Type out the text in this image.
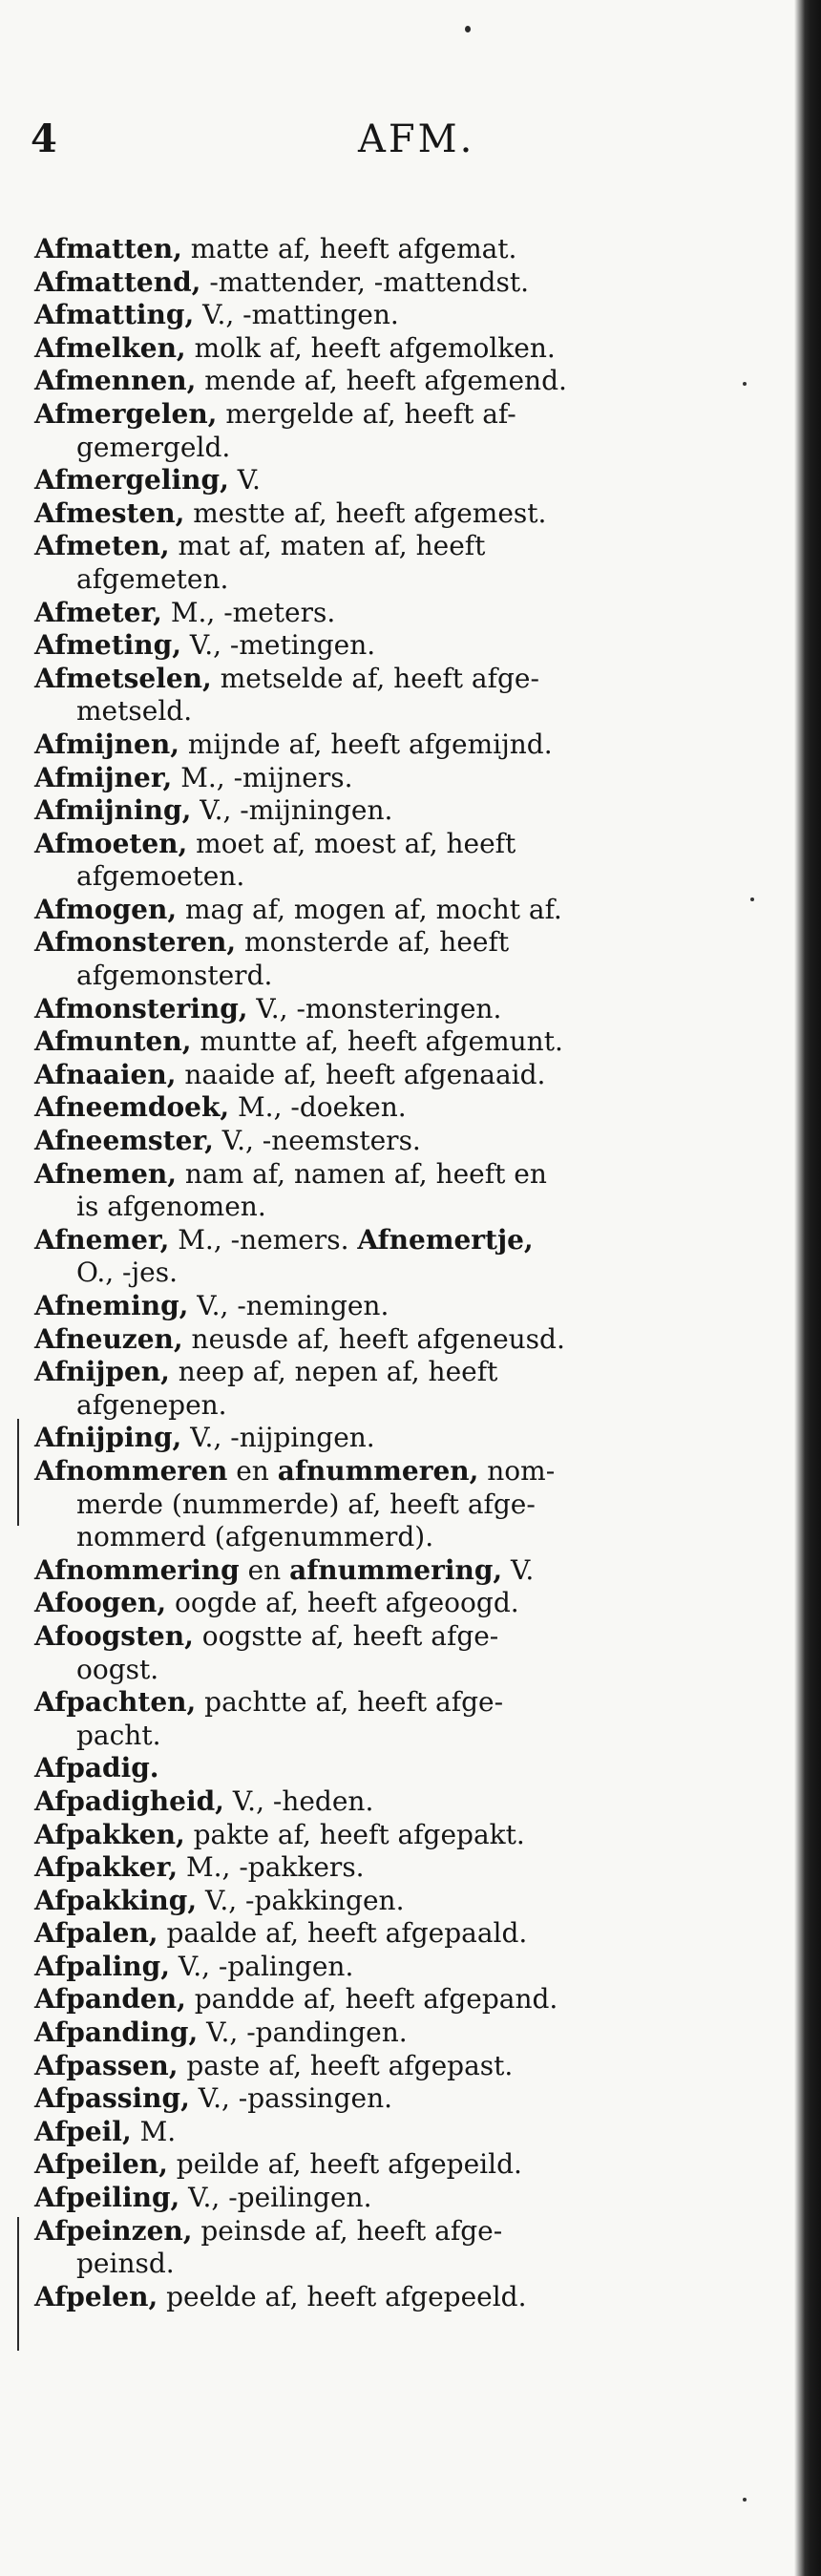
4	AFM.
Afmatten, matte af, heeft afgemat.
Afmattend, -mattender, -mattendst.
Afmatting, V., -mattingen.
Afmelken, molk af, heeft afgemolken.
Afmennen, mende af, heeft afgemend.
Afmergelen, mergelde af, heeft af-
gemergeld.
Afmergeling, V.
Afmesten, mestte af, heeft afgemest.
Afmeten, mat af, maten af, heeft
afgemeten.
Afmeter, M., -meters.
Afmeting, V., -metingen.
Afmetselen, metselde af, heeft afge-
metseld.
Afmijnen, mijnde af, heeft afgemijnd.
Afmijner, M., -mijners.
Afmijning, V., -mijningen.
Afmoeten, moet af, moest af, heeft
afgemoeten.
Afmogen, mag af, mogen af, mocht af.
Afmonsteren, monsterde af, heeft
afgemonsterd.
Afmonstering, V., -monsteringen.
Afmunten, muntte af, heeft afgemunt.
Afnaaien, naaide af, heeft afgenaaid.
Afneemdoek, M., -doeken.
Afneemster, V., -neemsters.
Afnemen, nam af, namen af, heeft en
is afgenomen.
Afnemer, M., -nemers. Afnemertje,
O., -jes.
Afneming, V., -nemingen.
Afneuzen, neusde af, heeft afgeneusd.
Afnijpen, neep af, nepen af, heeft
afgenepen.
Afnijping, V., -nijpingen.
Afnommeren en afnummeren, nom-
merde (nummerde) af, heeft afge-
nommerd (afgenummerd).
Afnommering en afnummering, V.
Afoogen, oogde af, heeft afgeoogd.
Afoogsten, oogstte af, heeft afge-
oogst.
Afpachten, pachtte af, heeft afge-
pacht.
Afpadig.
Afpadigheid, V., -heden.
Afpakken, pakte af, heeft afgepakt.
Afpakker, M., -pakkers.
Afpakking, V., -pakkingen.
Afpalen, paalde af, heeft afgepaald.
Afpaling, V., -palingen.
Afpanden, pandde af, heeft afgepand.
Afpanding, V., -pandingen.
Afpassen, paste af, heeft afgepast.
Afpassing, V., -passingen.
Afpeil, M.
Afpeilen, peilde af, heeft afgepeild.
Afpeiling, V., -peilingen.
Afpeinzen, peinsde af, heeft afge-
peinsd.
Afpelen, peelde af, heeft afgepeeld.
